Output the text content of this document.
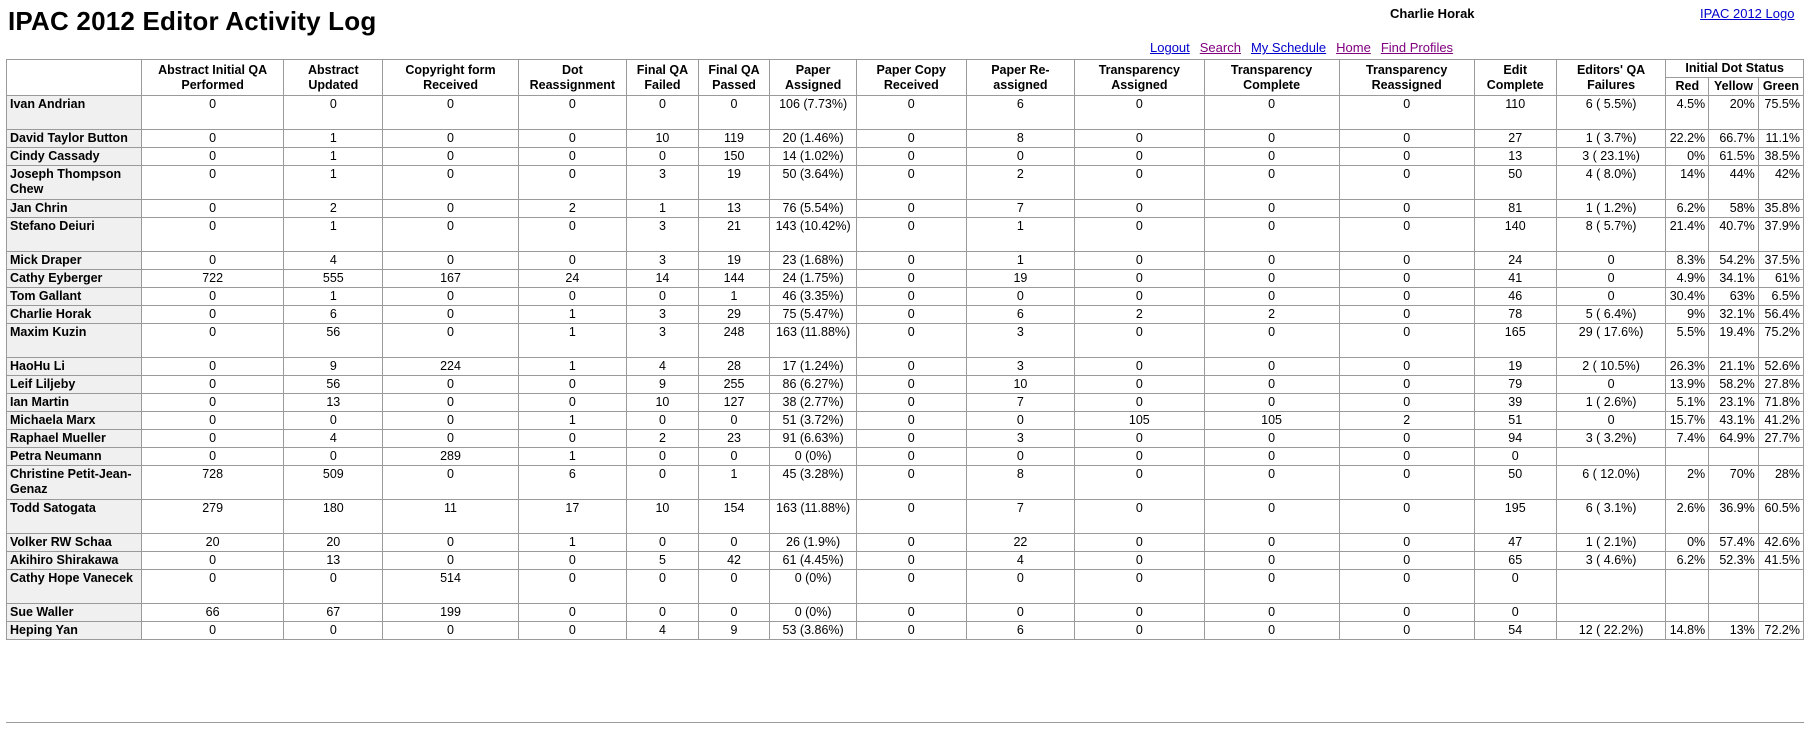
IPAC 2012 Editor Activity Log	Charlie Horak	IPAC 2012 Logo
Logout Search My Schedule Home Find Profiles
	Abstract Initial QA Performed	Abstract Updated	Copyright form Received	Dot Reassignment	Final QA Failed	Final QA Passed	Paper Assigned	Paper Copy Received	Paper Re-assigned	Transparency Assigned	Transparency Complete	Transparency Reassigned	Edit Complete	Editors' QA Failures	Initial Dot Status		
															Red	Yellow	Green
Ivan Andrian	0	0	0	0	0	0	106 (7.73%)	0	6	0	0	0	110	6 ( 5.5%)	4.5%	20%	75.5%
David Taylor Button	0	1	0	0	10	119	20 (1.46%)	0	8	0	0	0	27	1 ( 3.7%)	22.2%	66.7%	11.1%
Cindy Cassady	0	1	0	0	0	150	14 (1.02%)	0	0	0	0	0	13	3 ( 23.1%)	0%	61.5%	38.5%
Joseph Thompson Chew	0	1	0	0	3	19	50 (3.64%)	0	2	0	0	0	50	4 ( 8.0%)	14%	44%	42%
Jan Chrin	0	2	0	2	1	13	76 (5.54%)	0	7	0	0	0	81	1 ( 1.2%)	6.2%	58%	35.8%
Stefano Deiuri	0	1	0	0	3	21	143 (10.42%)	0	1	0	0	0	140	8 ( 5.7%)	21.4%	40.7%	37.9%
Mick Draper	0	4	0	0	3	19	23 (1.68%)	0	1	0	0	0	24	0	8.3%	54.2%	37.5%
Cathy Eyberger	722	555	167	24	14	144	24 (1.75%)	0	19	0	0	0	41	0	4.9%	34.1%	61%
Tom Gallant	0	1	0	0	0	1	46 (3.35%)	0	0	0	0	0	46	0	30.4%	63%	6.5%
Charlie Horak	0	6	0	1	3	29	75 (5.47%)	0	6	2	2	0	78	5 ( 6.4%)	9%	32.1%	56.4%
Maxim Kuzin	0	56	0	1	3	248	163 (11.88%)	0	3	0	0	0	165	29 ( 17.6%)	5.5%	19.4%	75.2%
HaoHu Li	0	9	224	1	4	28	17 (1.24%)	0	3	0	0	0	19	2 ( 10.5%)	26.3%	21.1%	52.6%
Leif Liljeby	0	56	0	0	9	255	86 (6.27%)	0	10	0	0	0	79	0	13.9%	58.2%	27.8%
Ian Martin	0	13	0	0	10	127	38 (2.77%)	0	7	0	0	0	39	1 ( 2.6%)	5.1%	23.1%	71.8%
Michaela Marx	0	0	0	1	0	0	51 (3.72%)	0	0	105	105	2	51	0	15.7%	43.1%	41.2%
Raphael Mueller	0	4	0	0	2	23	91 (6.63%)	0	3	0	0	0	94	3 ( 3.2%)	7.4%	64.9%	27.7%
Petra Neumann	0	0	289	1	0	0	0 (0%)	0	0	0	0	0	0				
Christine Petit-Jean-Genaz	728	509	0	6	0	1	45 (3.28%)	0	8	0	0	0	50	6 ( 12.0%)	2%	70%	28%
Todd Satogata	279	180	11	17	10	154	163 (11.88%)	0	7	0	0	0	195	6 ( 3.1%)	2.6%	36.9%	60.5%
Volker RW Schaa	20	20	0	1	0	0	26 (1.9%)	0	22	0	0	0	47	1 ( 2.1%)	0%	57.4%	42.6%
Akihiro Shirakawa	0	13	0	0	5	42	61 (4.45%)	0	4	0	0	0	65	3 ( 4.6%)	6.2%	52.3%	41.5%
Cathy Hope Vanecek	0	0	514	0	0	0	0 (0%)	0	0	0	0	0	0				
Sue Waller	66	67	199	0	0	0	0 (0%)	0	0	0	0	0	0				
Heping Yan	0	0	0	0	4	9	53 (3.86%)	0	6	0	0	0	54	12 ( 22.2%)	14.8%	13%	72.2%
